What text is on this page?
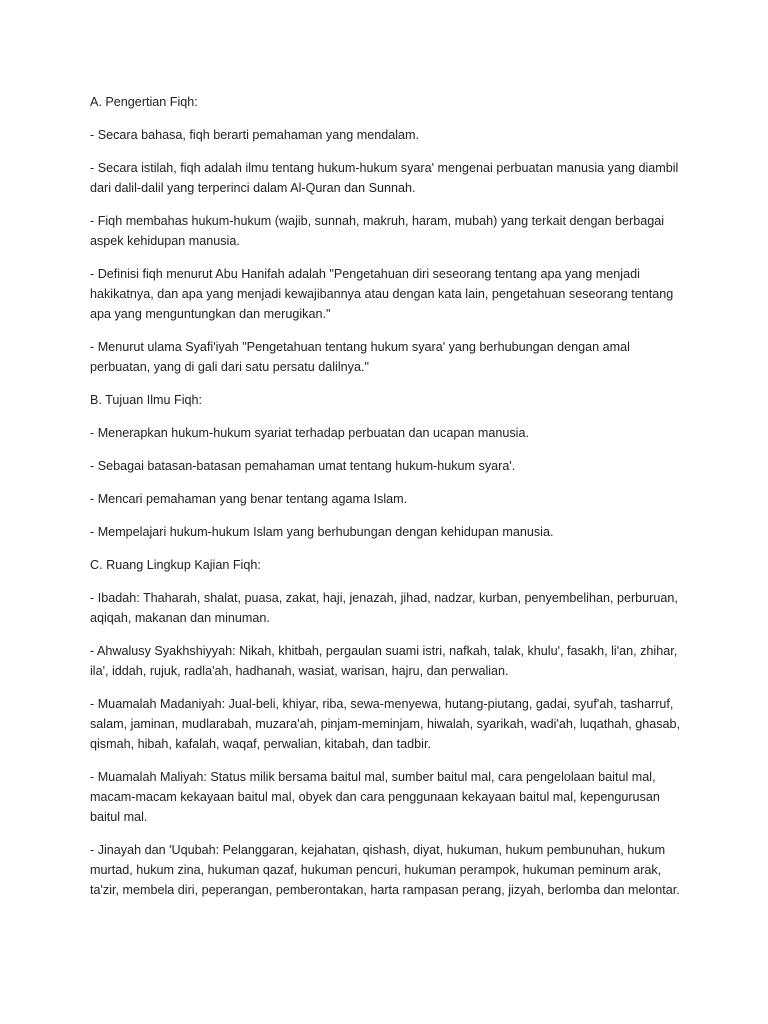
A. Pengertian Fiqh:

- Secara bahasa, fiqh berarti pemahaman yang mendalam.

- Secara istilah, fiqh adalah ilmu tentang hukum-hukum syara' mengenai perbuatan manusia yang diambil dari dalil-dalil yang terperinci dalam Al-Quran dan Sunnah.

- Fiqh membahas hukum-hukum (wajib, sunnah, makruh, haram, mubah) yang terkait dengan berbagai aspek kehidupan manusia.

- Definisi fiqh menurut Abu Hanifah adalah "Pengetahuan diri seseorang tentang apa yang menjadi hakikatnya, dan apa yang menjadi kewajibannya atau dengan kata lain, pengetahuan seseorang tentang apa yang menguntungkan dan merugikan."

- Menurut ulama Syafi'iyah "Pengetahuan tentang hukum syara' yang berhubungan dengan amal perbuatan, yang di gali dari satu persatu dalilnya."

B. Tujuan Ilmu Fiqh:

- Menerapkan hukum-hukum syariat terhadap perbuatan dan ucapan manusia.

- Sebagai batasan-batasan pemahaman umat tentang hukum-hukum syara'.

- Mencari pemahaman yang benar tentang agama Islam.

- Mempelajari hukum-hukum Islam yang berhubungan dengan kehidupan manusia.

C. Ruang Lingkup Kajian Fiqh:

- Ibadah: Thaharah, shalat, puasa, zakat, haji, jenazah, jihad, nadzar, kurban, penyembelihan, perburuan, aqiqah, makanan dan minuman.

- Ahwalusy Syakhshiyyah: Nikah, khitbah, pergaulan suami istri, nafkah, talak, khulu', fasakh, li'an, zhihar, ila', iddah, rujuk, radla'ah, hadhanah, wasiat, warisan, hajru, dan perwalian.

- Muamalah Madaniyah: Jual-beli, khiyar, riba, sewa-menyewa, hutang-piutang, gadai, syuf'ah, tasharruf, salam, jaminan, mudlarabah, muzara'ah, pinjam-meminjam, hiwalah, syarikah, wadi'ah, luqathah, ghasab, qismah, hibah, kafalah, waqaf, perwalian, kitabah, dan tadbir.

- Muamalah Maliyah: Status milik bersama baitul mal, sumber baitul mal, cara pengelolaan baitul mal, macam-macam kekayaan baitul mal, obyek dan cara penggunaan kekayaan baitul mal, kepengurusan baitul mal.

- Jinayah dan 'Uqubah: Pelanggaran, kejahatan, qishash, diyat, hukuman, hukum pembunuhan, hukum murtad, hukum zina, hukuman qazaf, hukuman pencuri, hukuman perampok, hukuman peminum arak, ta'zir, membela diri, peperangan, pemberontakan, harta rampasan perang, jizyah, berlomba dan melontar.
